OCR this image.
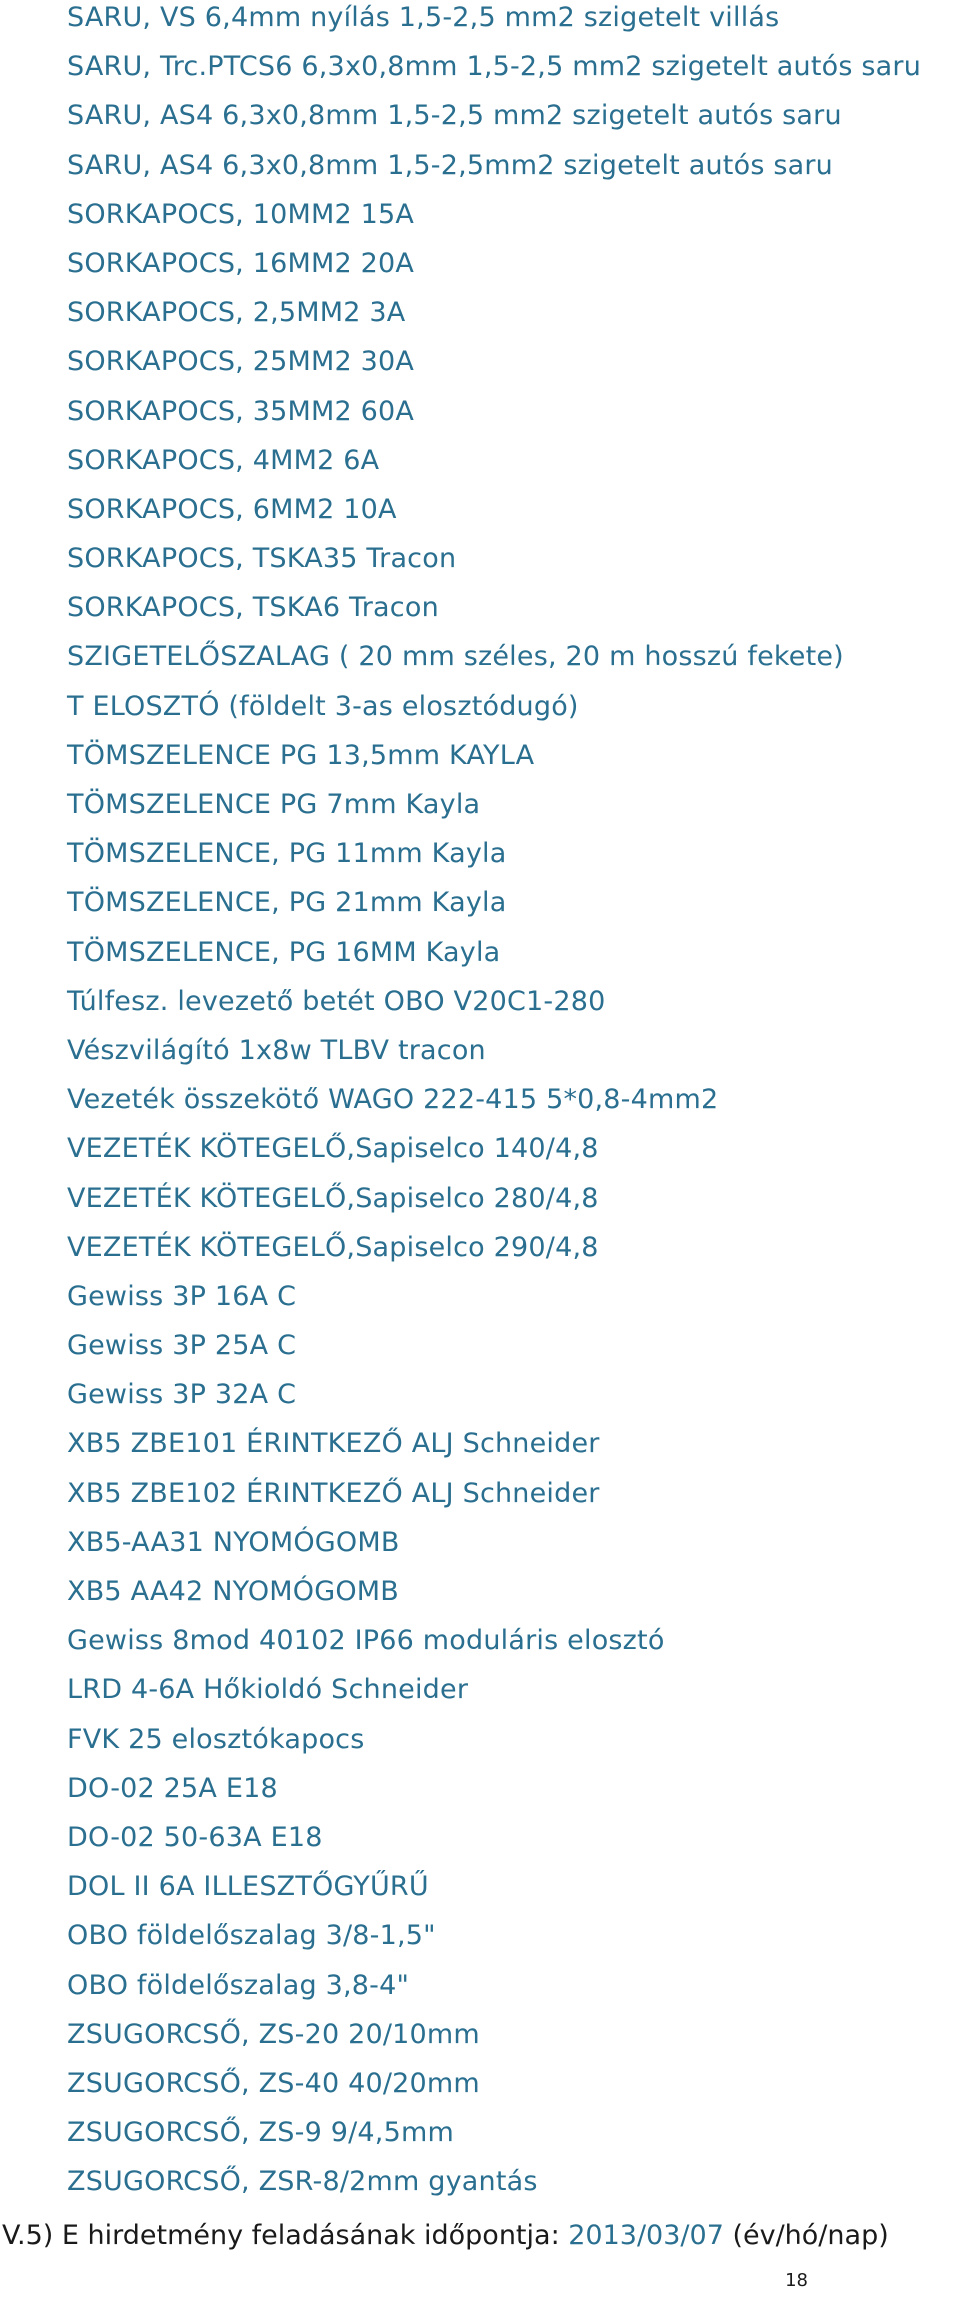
SARU, VS 6,4mm nyílás 1,5-2,5 mm2 szigetelt villás
SARU, Trc.PTCS6 6,3x0,8mm 1,5-2,5 mm2 szigetelt autós saru
SARU, AS4 6,3x0,8mm 1,5-2,5 mm2 szigetelt autós saru
SARU, AS4 6,3x0,8mm 1,5-2,5mm2 szigetelt autós saru
SORKAPOCS, 10MM2 15A
SORKAPOCS, 16MM2 20A
SORKAPOCS, 2,5MM2 3A
SORKAPOCS, 25MM2 30A
SORKAPOCS, 35MM2 60A
SORKAPOCS, 4MM2 6A
SORKAPOCS, 6MM2 10A
SORKAPOCS, TSKA35 Tracon
SORKAPOCS, TSKA6 Tracon
SZIGETELŐSZALAG ( 20 mm széles, 20 m hosszú fekete)
T ELOSZTÓ (földelt 3-as elosztódugó)
TÖMSZELENCE PG 13,5mm KAYLA
TÖMSZELENCE PG 7mm Kayla
TÖMSZELENCE, PG 11mm Kayla
TÖMSZELENCE, PG 21mm Kayla
TÖMSZELENCE, PG 16MM Kayla
Túlfesz. levezető betét OBO V20C1-280
Vészvilágító 1x8w TLBV tracon
Vezeték összekötő WAGO 222-415 5*0,8-4mm2
VEZETÉK KÖTEGELŐ,Sapiselco 140/4,8
VEZETÉK KÖTEGELŐ,Sapiselco 280/4,8
VEZETÉK KÖTEGELŐ,Sapiselco 290/4,8
Gewiss 3P 16A C
Gewiss 3P 25A C
Gewiss 3P 32A C
XB5 ZBE101 ÉRINTKEZŐ ALJ Schneider
XB5 ZBE102 ÉRINTKEZŐ ALJ Schneider
XB5-AA31 NYOMÓGOMB
XB5 AA42 NYOMÓGOMB
Gewiss 8mod 40102 IP66 moduláris elosztó
LRD 4-6A Hőkioldó Schneider
FVK 25 elosztókapocs
DO-02 25A E18
DO-02 50-63A E18
DOL II 6A ILLESZTŐGYŰRŰ
OBO földelőszalag 3/8-1,5"
OBO földelőszalag 3,8-4"
ZSUGORCSŐ, ZS-20 20/10mm
ZSUGORCSŐ, ZS-40 40/20mm
ZSUGORCSŐ, ZS-9 9/4,5mm
ZSUGORCSŐ, ZSR-8/2mm gyantás
V.5) E hirdetmény feladásának időpontja: 2013/03/07 (év/hó/nap)
18
